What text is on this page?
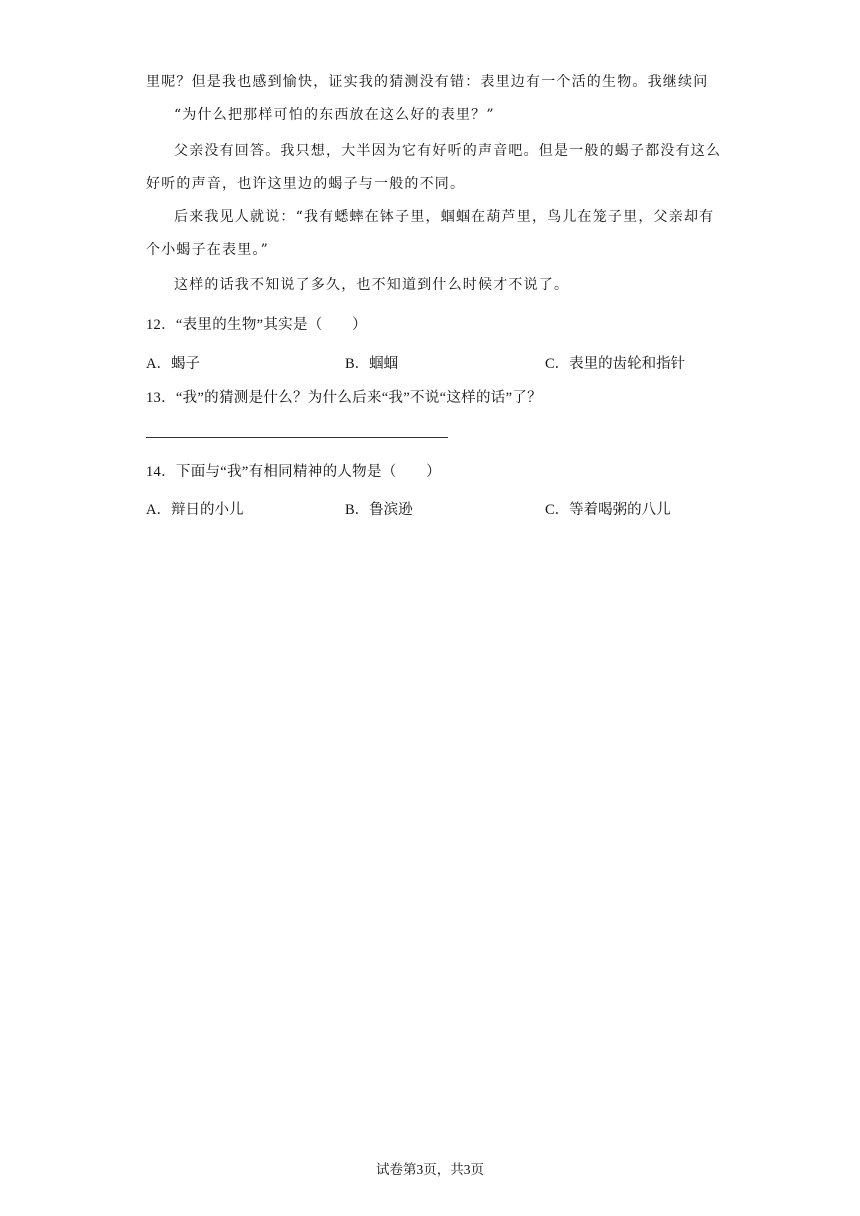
里呢？但是我也感到愉快，证实我的猜测没有错：表里边有一个活的生物。我继续问
“为什么把那样可怕的东西放在这么好的表里？”
父亲没有回答。我只想，大半因为它有好听的声音吧。但是一般的蝎子都没有这么
好听的声音，也许这里边的蝎子与一般的不同。
后来我见人就说：“我有蟋蟀在钵子里，蝈蝈在葫芦里，鸟儿在笼子里，父亲却有
个小蝎子在表里。”
这样的话我不知说了多久，也不知道到什么时候才不说了。
12．“表里的生物”其实是（　　）
A．蝎子	B．蝈蝈	C．表里的齿轮和指针
13．“我”的猜测是什么？为什么后来“我”不说“这样的话”了？
14．下面与“我”有相同精神的人物是（　　）
A．辩日的小儿	B．鲁滨逊	C．等着喝粥的八儿
试卷第3页，共3页
